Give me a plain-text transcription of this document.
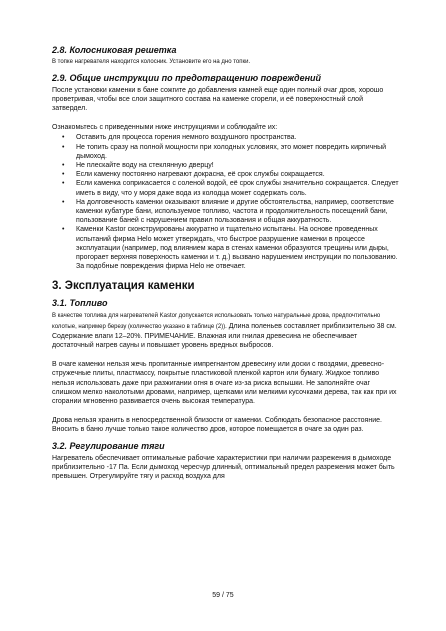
2.8. Колосниковая решетка

В топке нагревателя находится колосник. Установите его на дно топки.

2.9. Общие инструкции по предотвращению повреждений

После установки каменки в бане сожгите до добавления камней еще один полный очаг дров, хорошо проветривая, чтобы все слои защитного состава на каменке сгорели, и её поверхностный слой затвердел.

Ознакомьтесь с приведенными ниже инструкциями и соблюдайте их:

• Оставить для процесса горения немного воздушного пространства.
• Не топить сразу на полной мощности при холодных условиях, это может повредить кирпичный дымоход.
• Не плескайте воду на стеклянную дверцу!
• Если каменку постоянно нагревают докрасна, её срок службы сокращается.
• Если каменка соприкасается с соленой водой, её срок службы значительно сокращается. Следует иметь в виду, что у моря даже вода из колодца может содержать соль.
• На долговечность каменки оказывают влияние и другие обстоятельства, например, соответствие каменки кубатуре бани, используемое топливо, частота и продолжительность посещений бани, пользование баней с нарушением правил пользования и общая аккуратность.
• Каменки Kastor сконструированы аккуратно и тщательно испытаны. На основе проведенных испытаний фирма Helo может утверждать, что быстрое разрушение каменки в процессе эксплуатации (например, под влиянием жара в стенах каменки образуются трещины или дыры, прогорает верхняя поверхность каменки и т. д.) вызвано нарушением инструкции по пользованию. За подобные повреждения фирма Helo не отвечает.
3. Эксплуатация каменки
3.1. Топливо

В качестве топлива для нагревателей Kastor допускается использовать только натуральные дрова, предпочтительно колотые, например березу (количество указано в таблице (2)). Длина поленьев составляет приблизительно 38 см. Содержание влаги 12–20%. ПРИМЕЧАНИЕ. Влажная или гнилая древесина не обеспечивает достаточный нагрев сауны и повышает уровень вредных выбросов.

В очаге каменки нельзя жечь пропитанные импрегнантом древесину или доски с гвоздями, древесно-стружечные плиты, пластмассу, покрытые пластиковой пленкой картон или бумагу. Жидкое топливо нельзя использовать даже при разжигании огня в очаге из-за риска вспышки. Не заполняйте очаг слишком мелко наколотыми дровами, например, щепками или мелкими кусочками дерева, так как при их сгорании мгновенно развивается очень высокая температура.

Дрова нельзя хранить в непосредственной близости от каменки. Соблюдать безопасное расстояние. Вносить в баню лучше только такое количество дров, которое помещается в очаге за один раз.

3.2. Регулирование тяги

Нагреватель обеспечивает оптимальные рабочие характеристики при наличии разрежения в дымоходе приблизительно -17 Па. Если дымоход чересчур длинный, оптимальный предел разрежения может быть превышен. Отрегулируйте тягу и расход воздуха для

59 / 75
